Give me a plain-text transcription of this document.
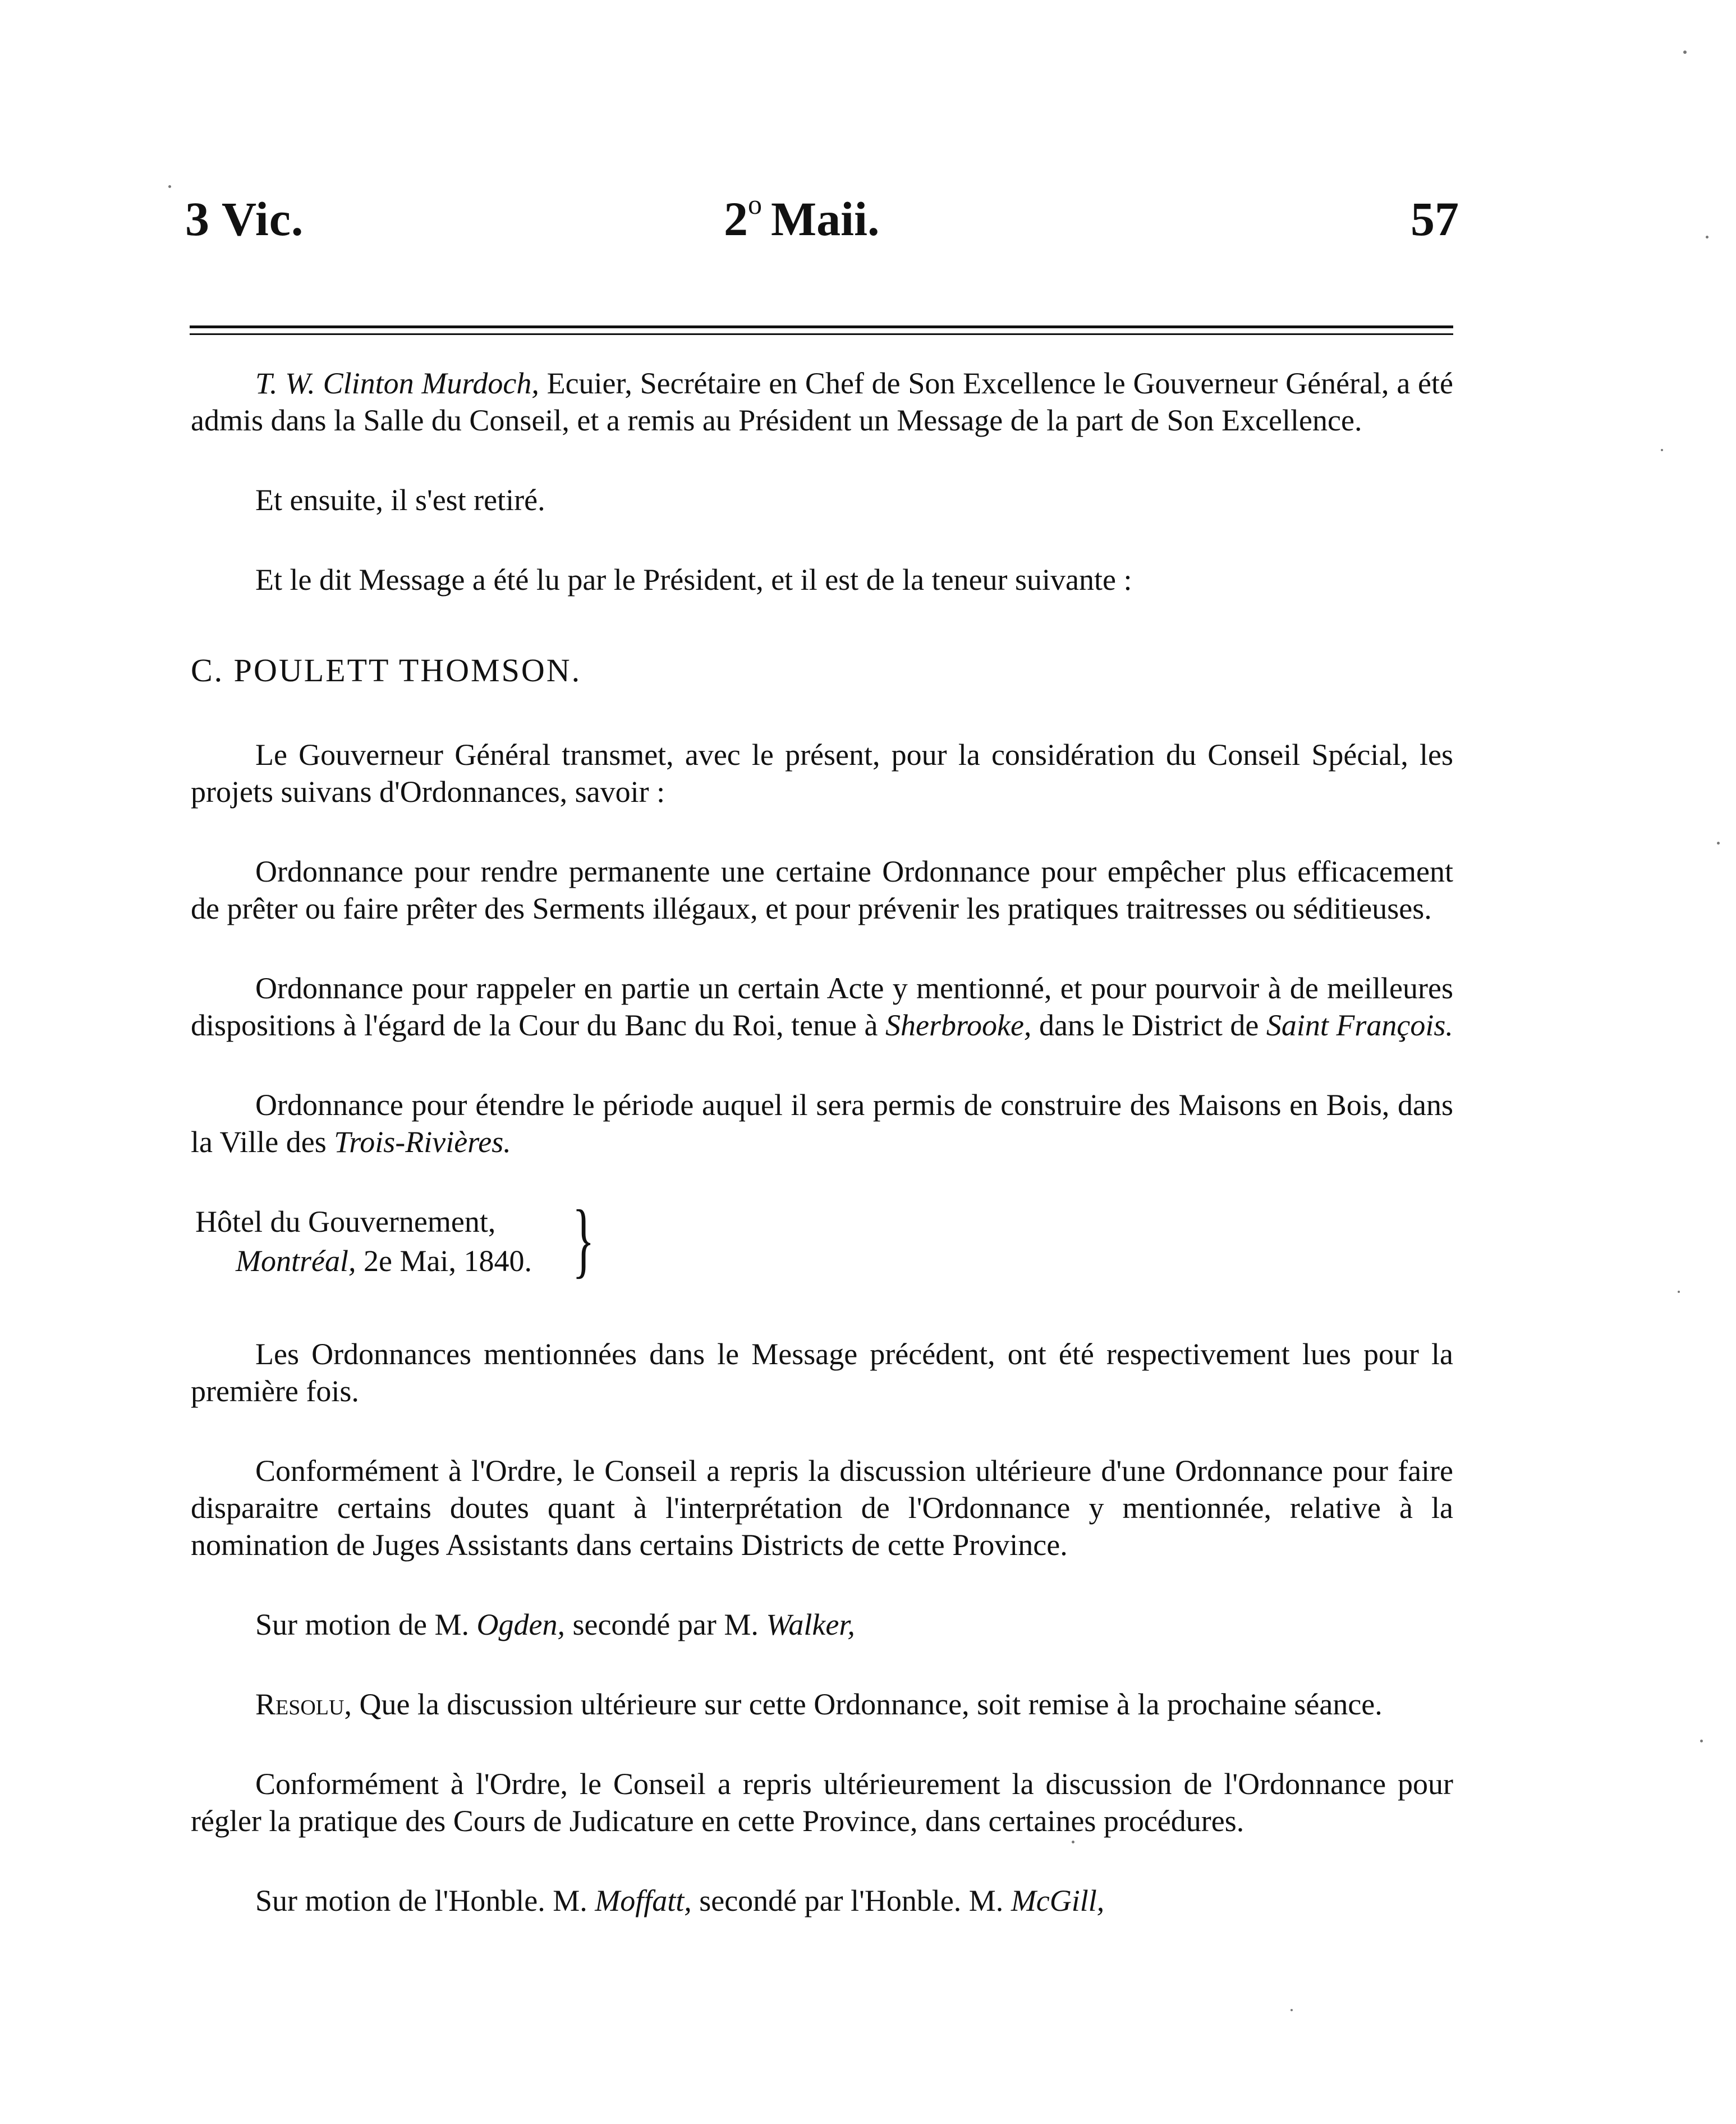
3 Vic.	2$^o$ Maii.	57

T. W. Clinton Murdoch, Ecuier, Secrétaire en Chef de Son Excellence le Gouverneur Général, a été admis dans la Salle du Conseil, et a remis au Président un Message de la part de Son Excellence.

Et ensuite, il s'est retiré.

Et le dit Message a été lu par le Président, et il est de la teneur suivante :

C. POULETT THOMSON.

Le Gouverneur Général transmet, avec le présent, pour la considération du Conseil Spécial, les projets suivans d'Ordonnances, savoir :

Ordonnance pour rendre permanente une certaine Ordonnance pour empêcher plus efficacement de prêter ou faire prêter des Serments illégaux, et pour prévenir les pratiques traitresses ou séditieuses.

Ordonnance pour rappeler en partie un certain Acte y mentionné, et pour pourvoir à de meilleures dispositions à l'égard de la Cour du Banc du Roi, tenue à Sherbrooke, dans le District de Saint François.

Ordonnance pour étendre le période auquel il sera permis de construire des Maisons en Bois, dans la Ville des Trois-Rivières.

Hôtel du Gouvernement,
Montréal, 2e Mai, 1840. }

Les Ordonnances mentionnées dans le Message précédent, ont été respectivement lues pour la première fois.

Conformément à l'Ordre, le Conseil a repris la discussion ultérieure d'une Ordonnance pour faire disparaitre certains doutes quant à l'interprétation de l'Ordonnance y mentionnée, relative à la nomination de Juges Assistants dans certains Districts de cette Province.

Sur motion de M. Ogden, secondé par M. Walker,

Resolu, Que la discussion ultérieure sur cette Ordonnance, soit remise à la prochaine séance.

Conformément à l'Ordre, le Conseil a repris ultérieurement la discussion de l'Ordonnance pour régler la pratique des Cours de Judicature en cette Province, dans certaines procédures.

Sur motion de l'Honble. M. Moffatt, secondé par l'Honble. M. McGill,
